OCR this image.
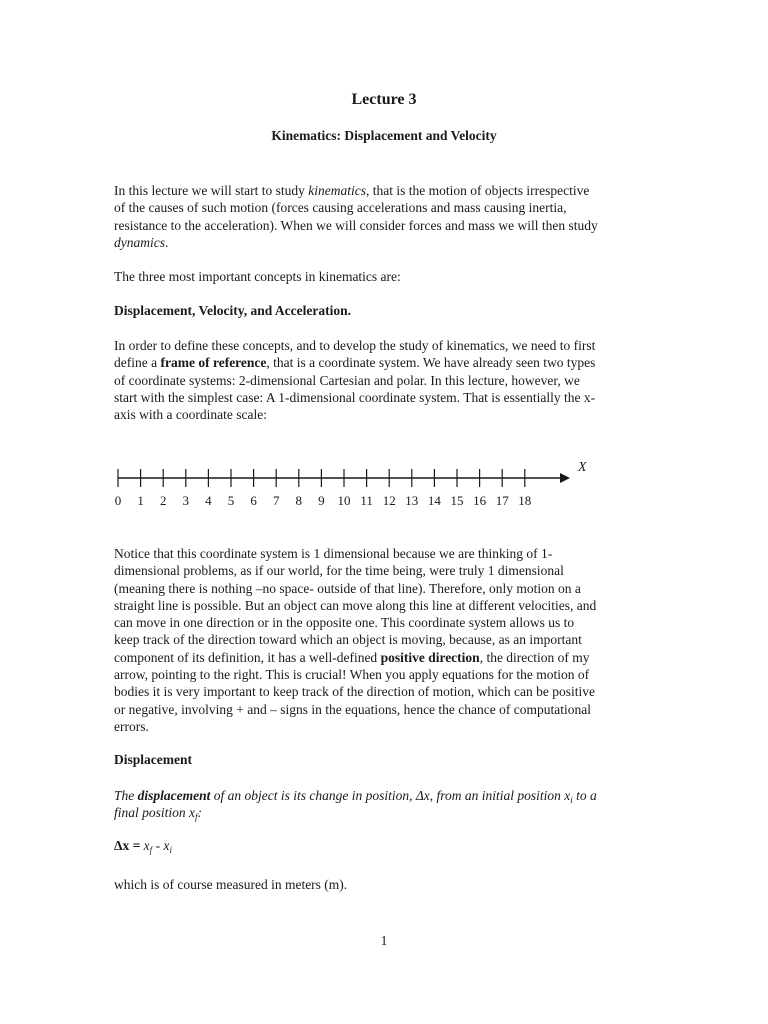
Lecture 3
Kinematics: Displacement and Velocity
In this lecture we will start to study kinematics, that is the motion of objects irrespective
of the causes of such motion (forces causing accelerations and mass causing inertia,
resistance to the acceleration). When we will consider forces and mass we will then study
dynamics.
The three most important concepts in kinematics are:
Displacement, Velocity, and Acceleration.
In order to define these concepts, and to develop the study of kinematics, we need to first
define a frame of reference, that is a coordinate system. We have already seen two types
of coordinate systems: 2-dimensional Cartesian and polar. In this lecture, however, we
start with the simplest case: A 1-dimensional coordinate system. That is essentially the x-
axis with a coordinate scale:
X
0 1 2 3 4 5 6 7 8 9 10 11 12 13 14 15 16 17 18
Notice that this coordinate system is 1 dimensional because we are thinking of 1-
dimensional problems, as if our world, for the time being, were truly 1 dimensional
(meaning there is nothing –no space- outside of that line). Therefore, only motion on a
straight line is possible. But an object can move along this line at different velocities, and
can move in one direction or in the opposite one. This coordinate system allows us to
keep track of the direction toward which an object is moving, because, as an important
component of its definition, it has a well-defined positive direction, the direction of my
arrow, pointing to the right. This is crucial! When you apply equations for the motion of
bodies it is very important to keep track of the direction of motion, which can be positive
or negative, involving + and – signs in the equations, hence the chance of computational
errors.
Displacement
The displacement of an object is its change in position, Δx, from an initial position $x_i$ to a
final position $x_f$:
$\Delta x = x_f - x_i$
which is of course measured in meters (m).
1
